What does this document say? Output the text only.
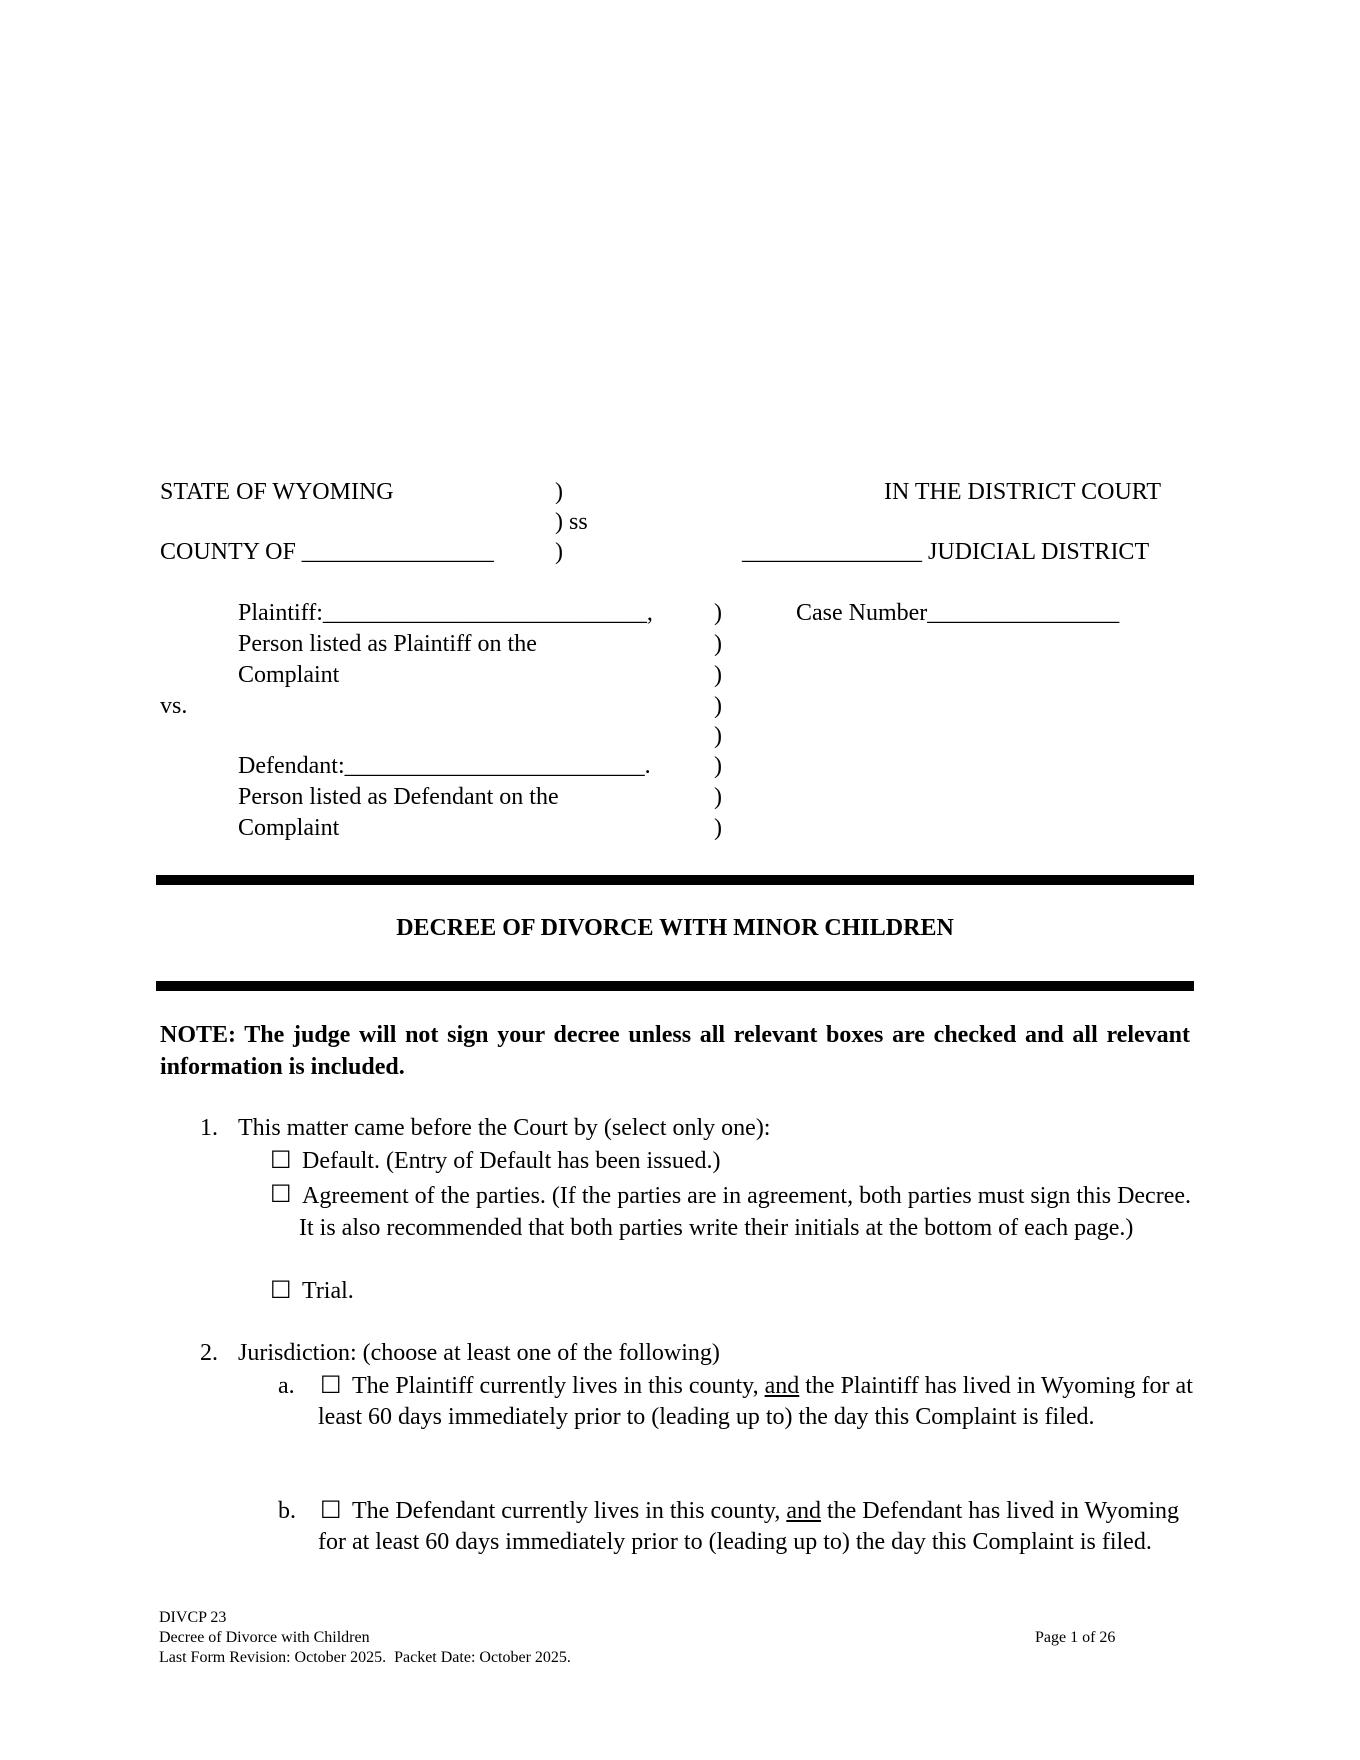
STATE OF WYOMING	)
) ss
COUNTY OF ________________	)
IN THE DISTRICT COURT
_______________ JUDICIAL DISTRICT
Plaintiff:___________________________,
Person listed as Plaintiff on the
Complaint
vs.
Defendant:_________________________.
Person listed as Defendant on the
Complaint
)
)
)
)
)
)
)
)
Case Number________________
DECREE OF DIVORCE WITH MINOR CHILDREN
NOTE: The judge will not sign your decree unless all relevant boxes are checked and all relevant information is included.
1. This matter came before the Court by (select only one):
☐ Default. (Entry of Default has been issued.)
☐ Agreement of the parties. (If the parties are in agreement, both parties must sign this Decree. It is also recommended that both parties write their initials at the bottom of each page.)
☐ Trial.
2. Jurisdiction: (choose at least one of the following)
a. ☐ The Plaintiff currently lives in this county, and the Plaintiff has lived in Wyoming for at least 60 days immediately prior to (leading up to) the day this Complaint is filed.
b. ☐ The Defendant currently lives in this county, and the Defendant has lived in Wyoming for at least 60 days immediately prior to (leading up to) the day this Complaint is filed.
DIVCP 23
Decree of Divorce with Children
Last Form Revision: October 2025.  Packet Date: October 2025.
Page 1 of 26
